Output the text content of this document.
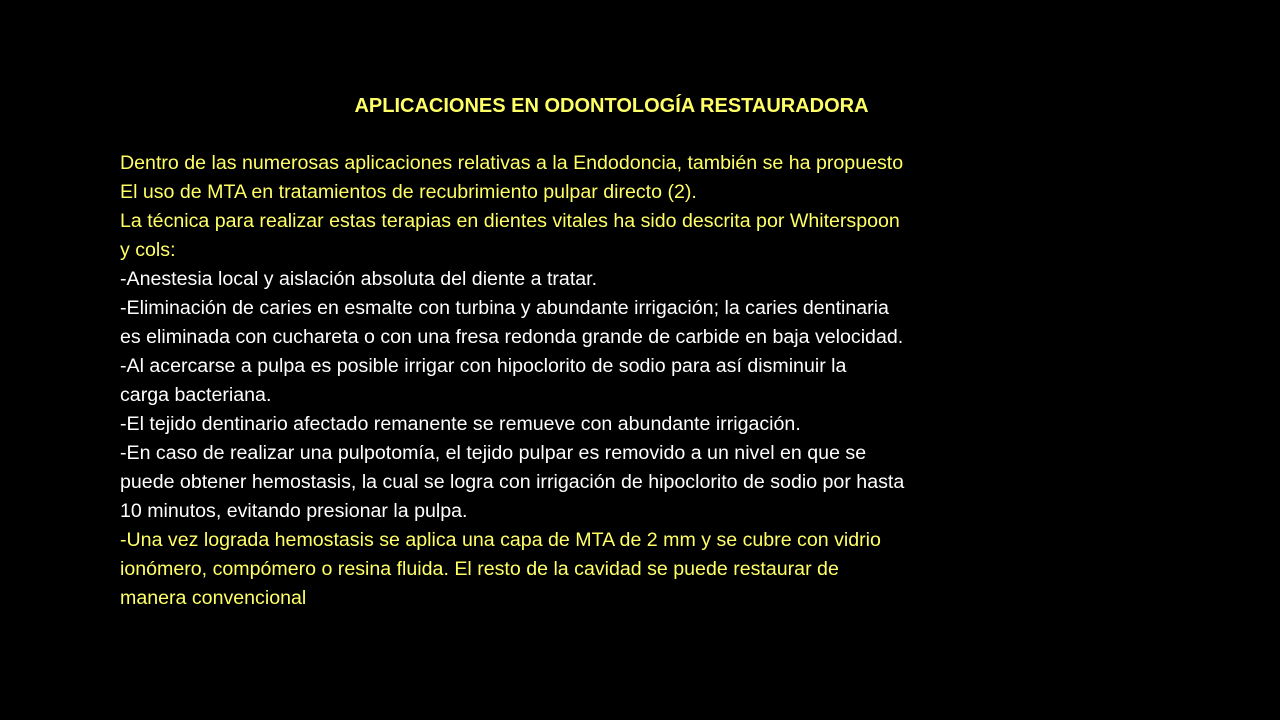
APLICACIONES EN ODONTOLOGÍA RESTAURADORA
Dentro de las numerosas aplicaciones relativas a la Endodoncia, también se ha propuesto
El uso de MTA en tratamientos de recubrimiento pulpar directo (2).
La técnica para realizar estas terapias en dientes vitales ha sido descrita por Whiterspoon
y cols:
-Anestesia local y aislación absoluta del diente a tratar.
-Eliminación de caries en esmalte con turbina y abundante irrigación; la caries dentinaria
es eliminada con cuchareta o con una fresa redonda grande de carbide en baja velocidad.
-Al acercarse a pulpa es posible irrigar con hipoclorito de sodio para así disminuir la
carga bacteriana.
-El tejido dentinario afectado remanente se remueve con abundante irrigación.
-En caso de realizar una pulpotomía, el tejido pulpar es removido a un nivel en que se
puede obtener hemostasis, la cual se logra con irrigación de hipoclorito de sodio por hasta
10 minutos, evitando presionar la pulpa.
-Una vez lograda hemostasis se aplica una capa de MTA de 2 mm y se cubre con vidrio
ionómero, compómero o resina fluida. El resto de la cavidad se puede restaurar de
manera convencional
